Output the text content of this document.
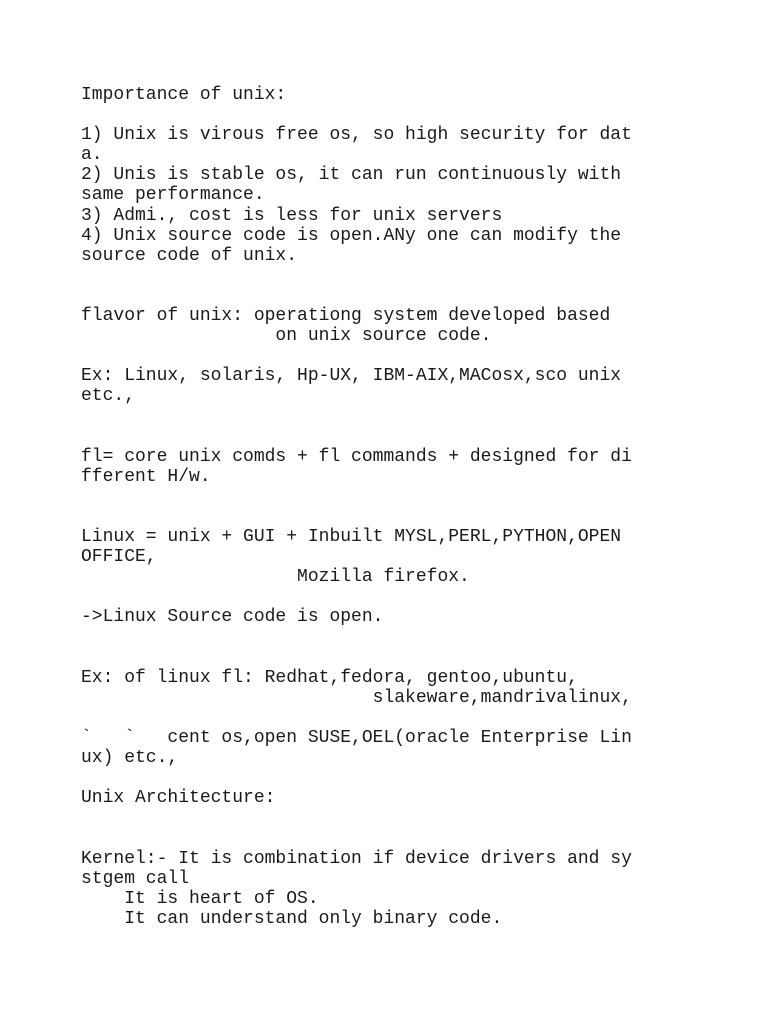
Importance of unix:
1) Unix is virous free os, so high security for dat
a.
2) Unis is stable os, it can run continuously with
same performance.
3) Admi., cost is less for unix servers
4) Unix source code is open.ANy one can modify the
source code of unix.
flavor of unix: operationg system developed based
on unix source code.
Ex: Linux, solaris, Hp-UX, IBM-AIX,MACosx,sco unix
etc.,
fl= core unix comds + fl commands + designed for di
fferent H/w.
Linux = unix + GUI + Inbuilt MYSL,PERL,PYTHON,OPEN
OFFICE,
Mozilla firefox.
->Linux Source code is open.
Ex: of linux fl: Redhat,fedora, gentoo,ubuntu,
slakeware,mandrivalinux,
`   `   cent os,open SUSE,OEL(oracle Enterprise Lin
ux) etc.,
Unix Architecture:
Kernel:- It is combination if device drivers and sy
stgem call
It is heart of OS.
It can understand only binary code.
